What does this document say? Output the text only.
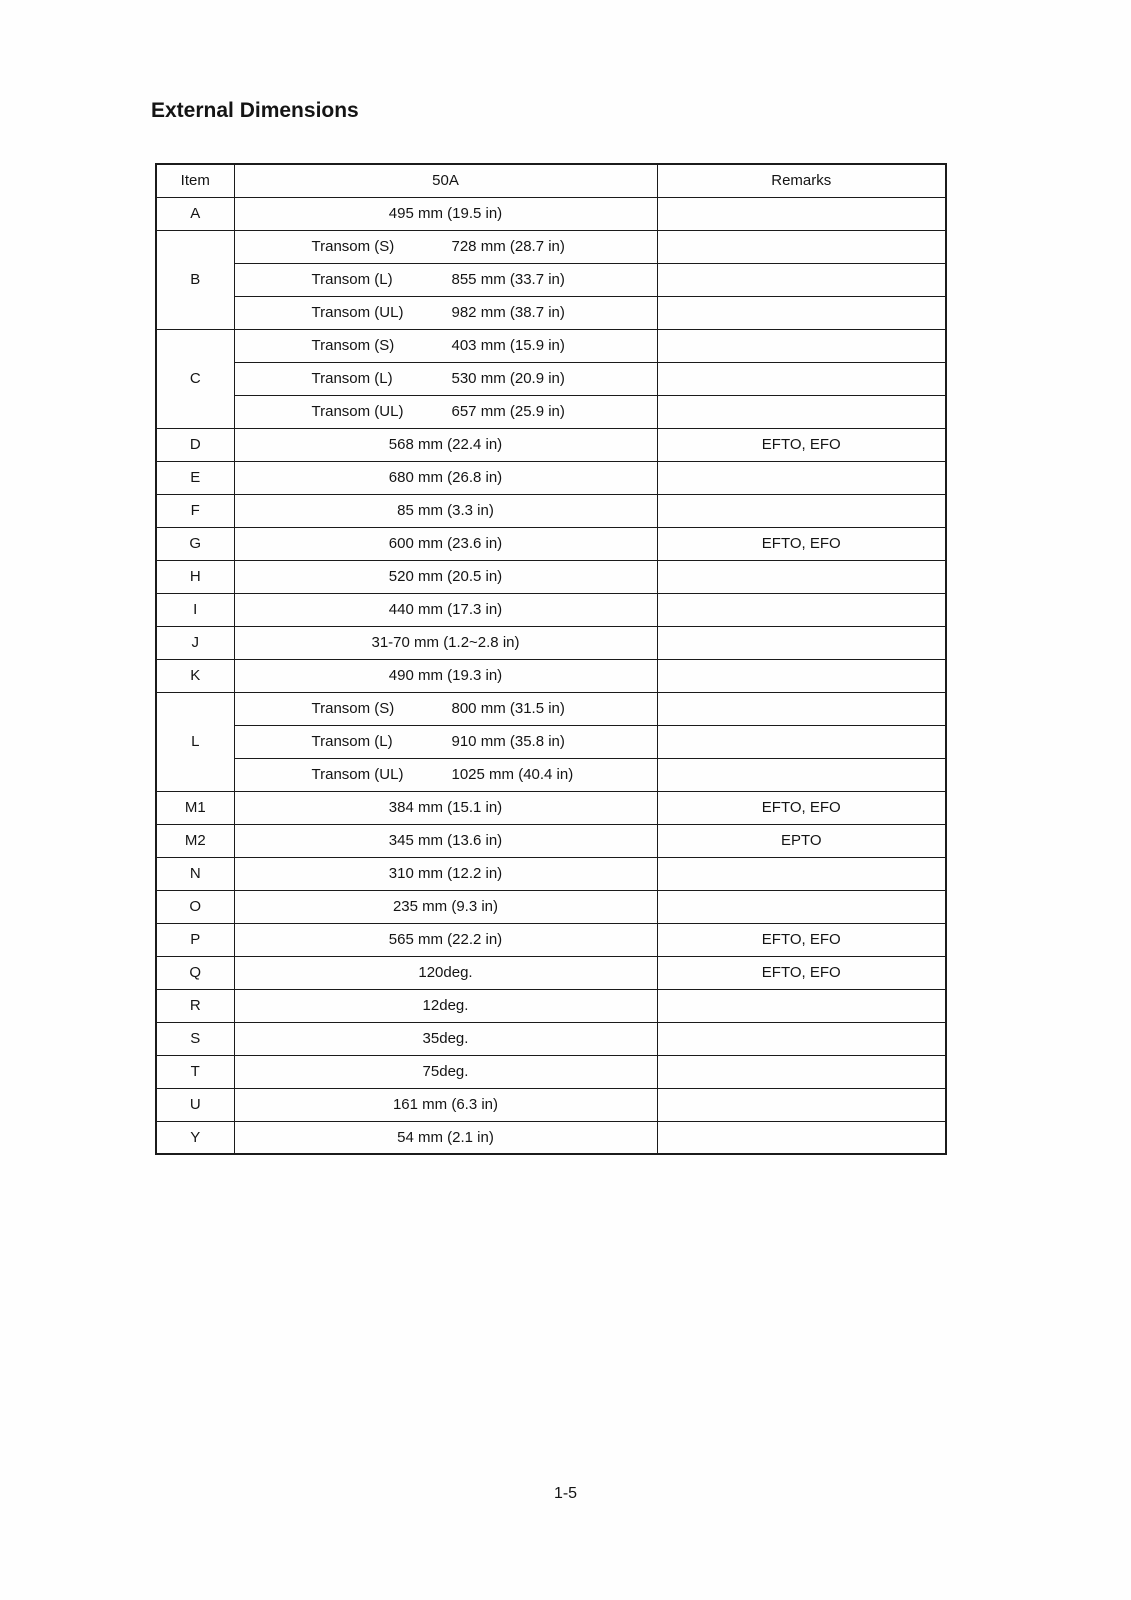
External Dimensions
Item	50A	Remarks
A	495 mm (19.5 in)	
B	Transom (S) 728 mm (28.7 in)	
	Transom (L) 855 mm (33.7 in)	
	Transom (UL) 982 mm (38.7 in)	
C	Transom (S) 403 mm (15.9 in)	
	Transom (L) 530 mm (20.9 in)	
	Transom (UL) 657 mm (25.9 in)	
D	568 mm (22.4 in)	EFTO, EFO
E	680 mm (26.8 in)	
F	85 mm (3.3 in)	
G	600 mm (23.6 in)	EFTO, EFO
H	520 mm (20.5 in)	
I	440 mm (17.3 in)	
J	31-70 mm (1.2~2.8 in)	
K	490 mm (19.3 in)	
L	Transom (S) 800 mm (31.5 in)	
	Transom (L) 910 mm (35.8 in)	
	Transom (UL) 1025 mm (40.4 in)	
M1	384 mm (15.1 in)	EFTO, EFO
M2	345 mm (13.6 in)	EPTO
N	310 mm (12.2 in)	
O	235 mm (9.3 in)	
P	565 mm (22.2 in)	EFTO, EFO
Q	120deg.	EFTO, EFO
R	12deg.	
S	35deg.	
T	75deg.	
U	161 mm (6.3 in)	
Y	54 mm (2.1 in)	
1-5
